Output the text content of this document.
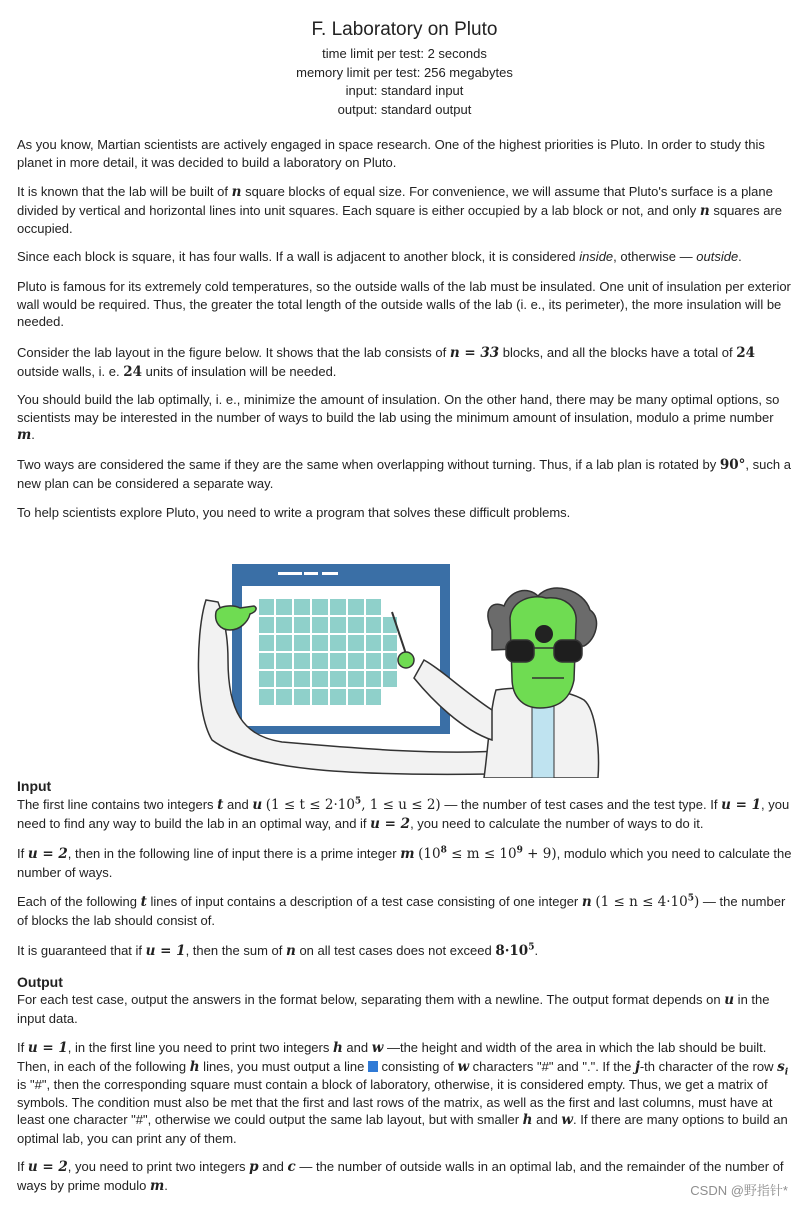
F. Laboratory on Pluto
time limit per test: 2 seconds
memory limit per test: 256 megabytes
input: standard input
output: standard output

As you know, Martian scientists are actively engaged in space research. One of the highest priorities is Pluto. In order to study this planet in more detail, it was decided to build a laboratory on Pluto.

It is known that the lab will be built of n square blocks of equal size. For convenience, we will assume that Pluto's surface is a plane divided by vertical and horizontal lines into unit squares. Each square is either occupied by a lab block or not, and only n squares are occupied.

Since each block is square, it has four walls. If a wall is adjacent to another block, it is considered inside, otherwise — outside.

Pluto is famous for its extremely cold temperatures, so the outside walls of the lab must be insulated. One unit of insulation per exterior wall would be required. Thus, the greater the total length of the outside walls of the lab (i. e., its perimeter), the more insulation will be needed.

Consider the lab layout in the figure below. It shows that the lab consists of n = 33 blocks, and all the blocks have a total of 24 outside walls, i. e. 24 units of insulation will be needed.

You should build the lab optimally, i. e., minimize the amount of insulation. On the other hand, there may be many optimal options, so scientists may be interested in the number of ways to build the lab using the minimum amount of insulation, modulo a prime number m.

Two ways are considered the same if they are the same when overlapping without turning. Thus, if a lab plan is rotated by 90°, such a new plan can be considered a separate way.

To help scientists explore Pluto, you need to write a program that solves these difficult problems.

Input

The first line contains two integers t and u ($1 \le t \le 2\cdot 10^5$, 1 ≤ u ≤ 2) — the number of test cases and the test type. If u = 1, you need to find any way to build the lab in an optimal way, and if u = 2, you need to calculate the number of ways to do it.

If u = 2, then in the following line of input there is a prime integer m $(10^8 \le m \le 10^9 + 9)$, modulo which you need to calculate the number of ways.

Each of the following t lines of input contains a description of a test case consisting of one integer n $(1 \le n \le 4\cdot 10^5)$ — the number of blocks the lab should consist of.

It is guaranteed that if u = 1, then the sum of n on all test cases does not exceed $8\cdot 10^5$.

Output

For each test case, output the answers in the format below, separating them with a newline. The output format depends on u in the input data.

If u = 1, in the first line you need to print two integers h and w —the height and width of the area in which the lab should be built. Then, in each of the following h lines, you must output a line  consisting of w characters "#" and ".". If the j-th character of the row $s_i$ is "#", then the corresponding square must contain a block of laboratory, otherwise, it is considered empty. Thus, we get a matrix of symbols. The condition must also be met that the first and last rows of the matrix, as well as the first and last columns, must have at least one character "#", otherwise we could output the same lab layout, but with smaller h and w. If there are many options to build an optimal lab, you can print any of them.

If u = 2, you need to print two integers p and c — the number of outside walls in an optimal lab, and the remainder of the number of ways by prime modulo m.	CSDN @野指针*
